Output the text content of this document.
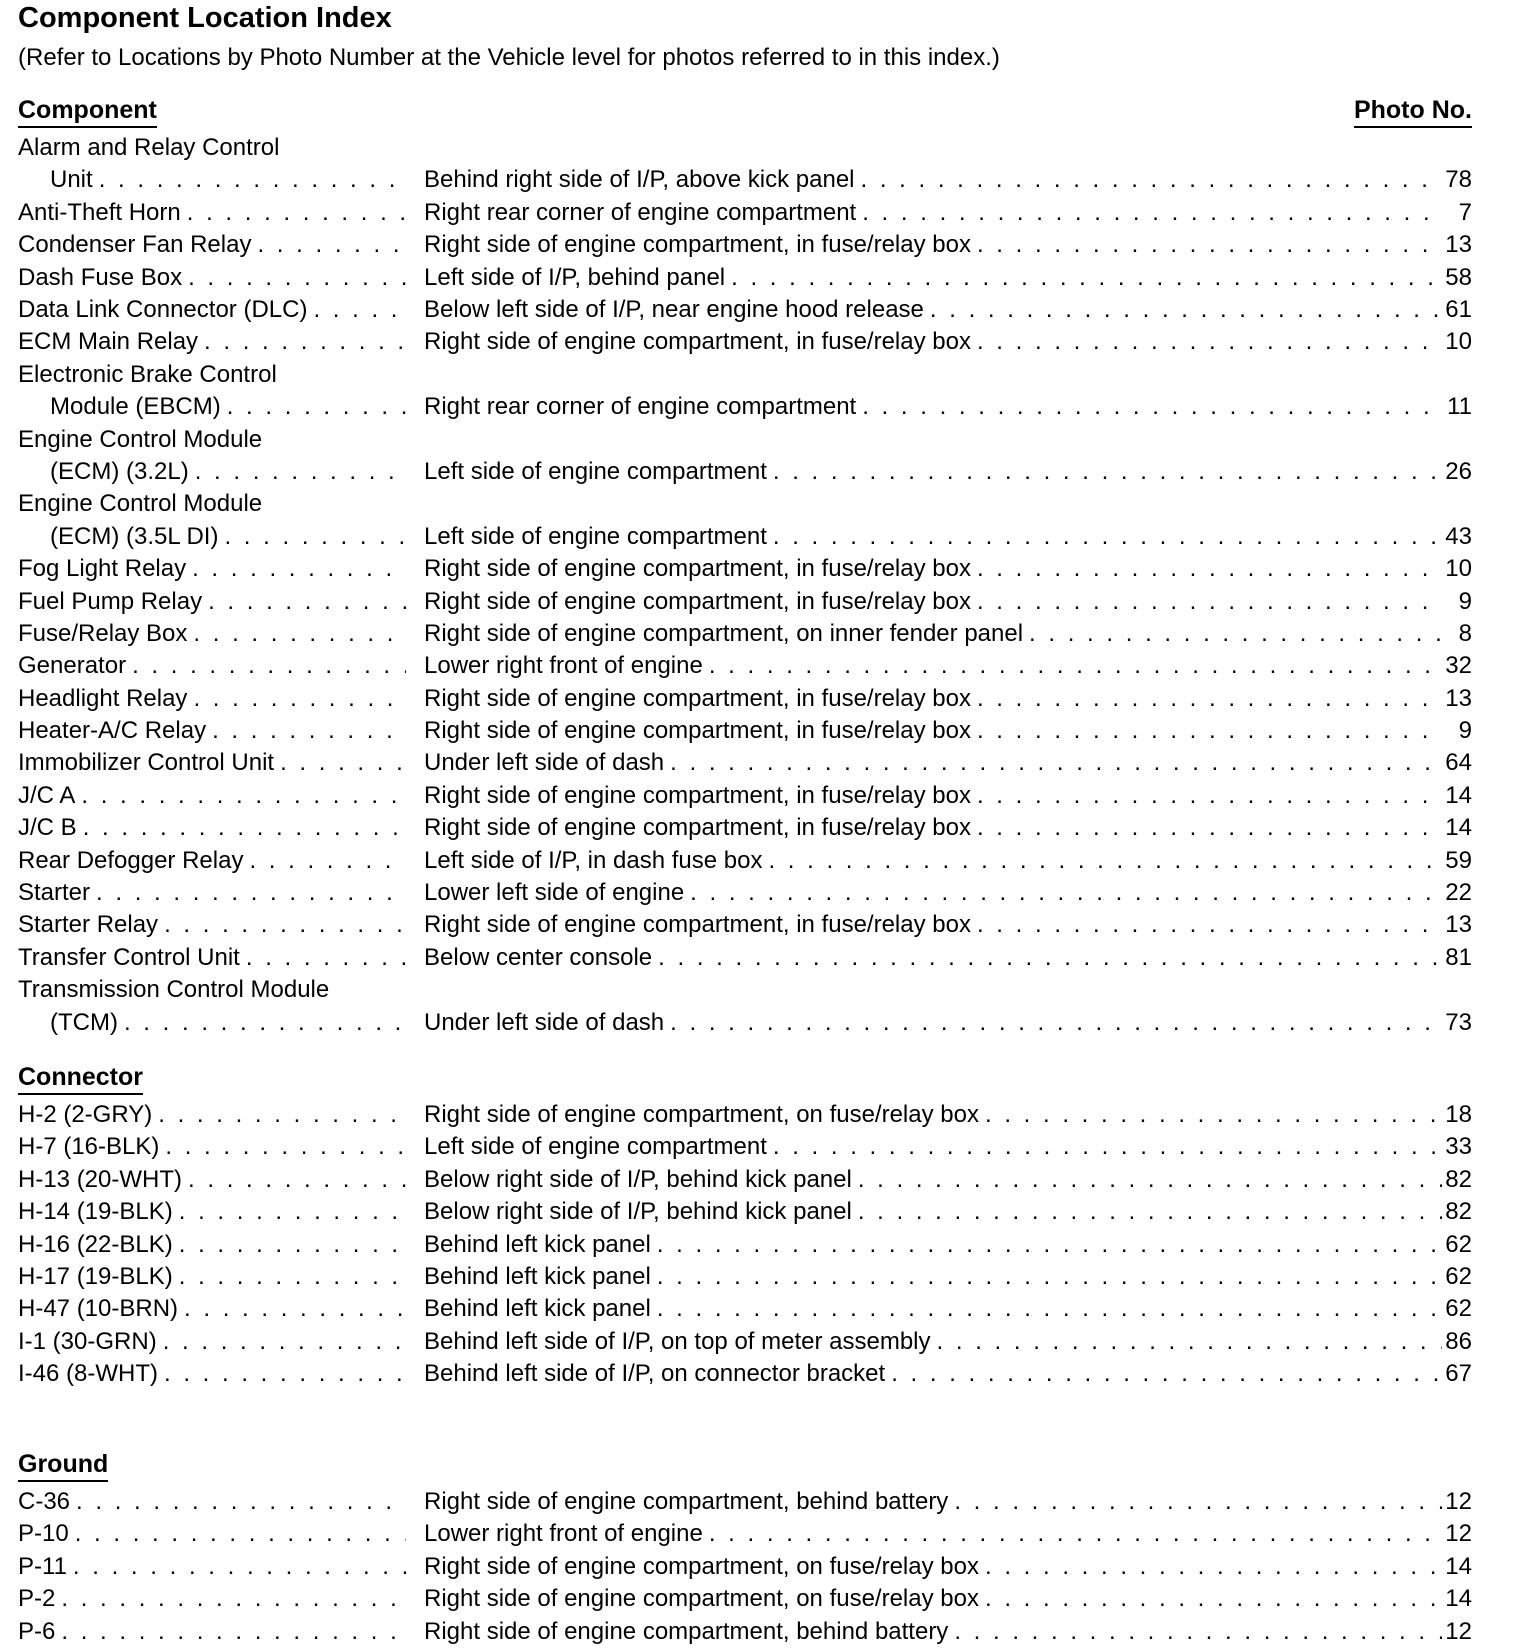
Component Location Index

(Refer to Locations by Photo Number at the Vehicle level for photos referred to in this index.)

Component	Photo No.
Alarm and Relay Control
Unit . . .	Behind right side of I/P, above kick panel . . .	78
Anti-Theft Horn . . .	Right rear corner of engine compartment . . .	7
Condenser Fan Relay . . .	Right side of engine compartment, in fuse/relay box . . .	13
Dash Fuse Box . . .	Left side of I/P, behind panel . . .	58
Data Link Connector (DLC) . . .	Below left side of I/P, near engine hood release . . .	61
ECM Main Relay . . .	Right side of engine compartment, in fuse/relay box . . .	10
Electronic Brake Control
Module (EBCM) . . .	Right rear corner of engine compartment . . .	11
Engine Control Module
(ECM) (3.2L) . . .	Left side of engine compartment . . .	26
Engine Control Module
(ECM) (3.5L DI) . . .	Left side of engine compartment . . .	43
Fog Light Relay . . .	Right side of engine compartment, in fuse/relay box . . .	10
Fuel Pump Relay . . .	Right side of engine compartment, in fuse/relay box . . .	9
Fuse/Relay Box . . .	Right side of engine compartment, on inner fender panel . . .	8
Generator . . .	Lower right front of engine . . .	32
Headlight Relay . . .	Right side of engine compartment, in fuse/relay box . . .	13
Heater-A/C Relay . . .	Right side of engine compartment, in fuse/relay box . . .	9
Immobilizer Control Unit . . .	Under left side of dash . . .	64
J/C A . . .	Right side of engine compartment, in fuse/relay box . . .	14
J/C B . . .	Right side of engine compartment, in fuse/relay box . . .	14
Rear Defogger Relay . . .	Left side of I/P, in dash fuse box . . .	59
Starter . . .	Lower left side of engine . . .	22
Starter Relay . . .	Right side of engine compartment, in fuse/relay box . . .	13
Transfer Control Unit . . .	Below center console . . .	81
Transmission Control Module
(TCM) . . .	Under left side of dash . . .	73
Connector
H-2 (2-GRY) . . .	Right side of engine compartment, on fuse/relay box . . .	18
H-7 (16-BLK) . . .	Left side of engine compartment . . .	33
H-13 (20-WHT) . . .	Below right side of I/P, behind kick panel . . .	82
H-14 (19-BLK) . . .	Below right side of I/P, behind kick panel . . .	82
H-16 (22-BLK) . . .	Behind left kick panel . . .	62
H-17 (19-BLK) . . .	Behind left kick panel . . .	62
H-47 (10-BRN) . . .	Behind left kick panel . . .	62
I-1 (30-GRN) . . .	Behind left side of I/P, on top of meter assembly . . .	86
I-46 (8-WHT) . . .	Behind left side of I/P, on connector bracket . . .	67
Ground
C-36 . . .	Right side of engine compartment, behind battery . . .	12
P-10 . . .	Lower right front of engine . . .	12
P-11 . . .	Right side of engine compartment, on fuse/relay box . . .	14
P-2 . . .	Right side of engine compartment, on fuse/relay box . . .	14
P-6 . . .	Right side of engine compartment, behind battery . . .	12
